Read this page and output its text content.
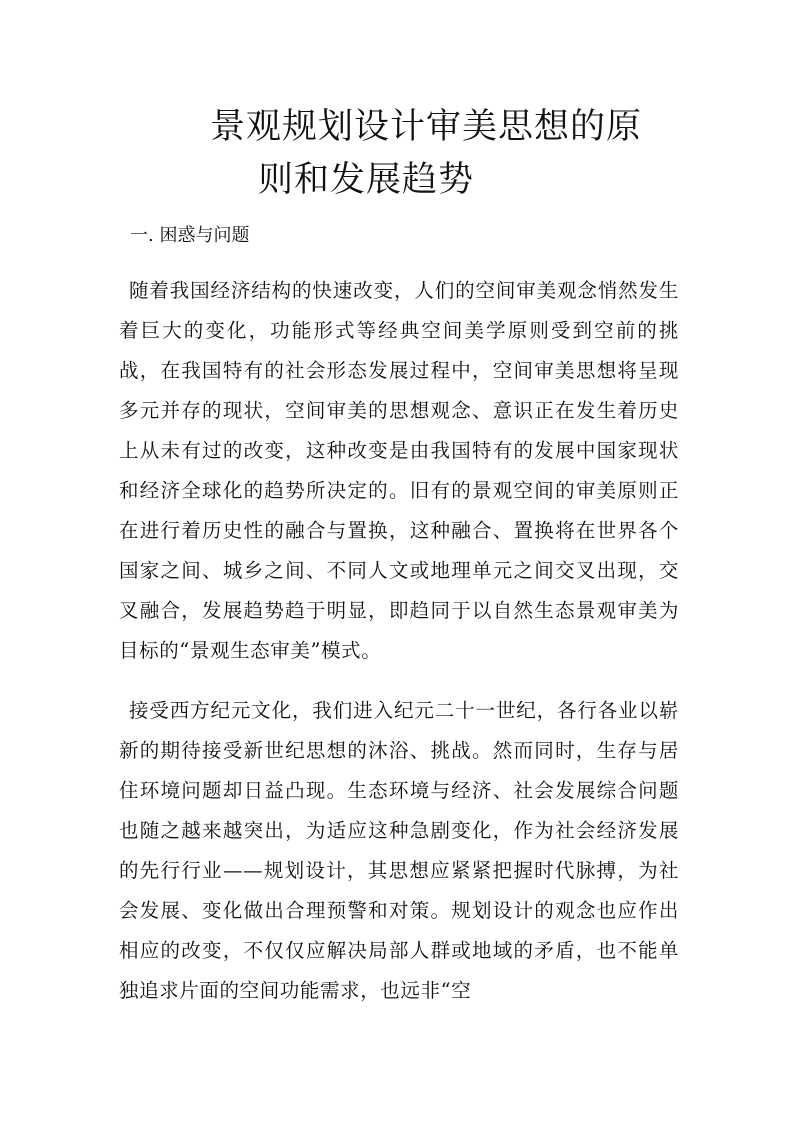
景观规划设计审美思想的原
则和发展趋势
一. 困惑与问题

随着我国经济结构的快速改变，人们的空间审美观念悄然发生着巨大的变化，功能形式等经典空间美学原则受到空前的挑战，在我国特有的社会形态发展过程中，空间审美思想将呈现多元并存的现状，空间审美的思想观念、意识正在发生着历史上从未有过的改变，这种改变是由我国特有的发展中国家现状和经济全球化的趋势所决定的。旧有的景观空间的审美原则正在进行着历史性的融合与置换，这种融合、置换将在世界各个国家之间、城乡之间、不同人文或地理单元之间交叉出现，交叉融合，发展趋势趋于明显，即趋同于以自然生态景观审美为目标的“景观生态审美”模式。

接受西方纪元文化，我们进入纪元二十一世纪，各行各业以崭新的期待接受新世纪思想的沐浴、挑战。然而同时，生存与居住环境问题却日益凸现。生态环境与经济、社会发展综合问题也随之越来越突出，为适应这种急剧变化，作为社会经济发展的先行行业——规划设计，其思想应紧紧把握时代脉搏，为社会发展、变化做出合理预警和对策。规划设计的观念也应作出相应的改变，不仅仅应解决局部人群或地域的矛盾，也不能单独追求片面的空间功能需求，也远非“空
